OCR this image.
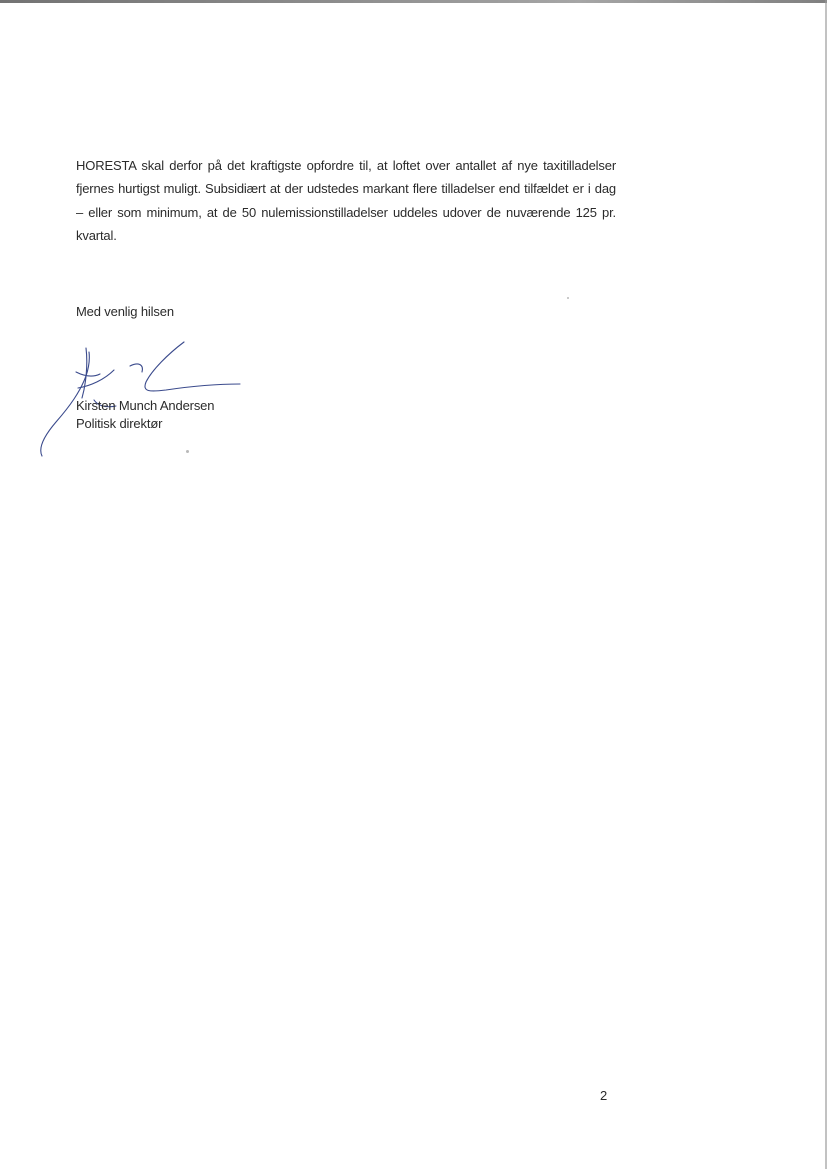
HORESTA skal derfor på det kraftigste opfordre til, at loftet over antallet af nye taxitilladelser
fjernes hurtigst muligt. Subsidiært at der udstedes markant flere tilladelser end tilfældet er i dag
– eller som minimum, at de 50 nulemissionstilladelser uddeles udover de nuværende 125 pr.
kvartal.

Med venlig hilsen

Kirsten Munch Andersen
Politisk direktør
2
